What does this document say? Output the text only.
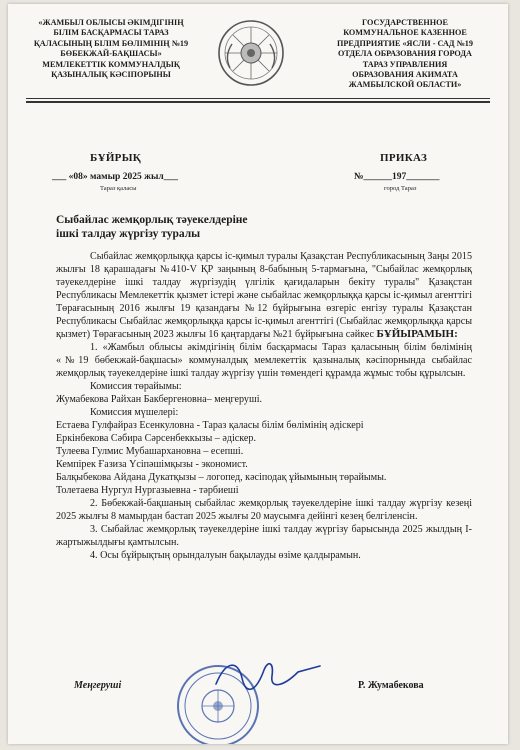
«ЖАМБЫЛ ОБЛЫСЫ ӘКІМДІГІНІҢ
БІЛІМ БАСҚАРМАСЫ ТАРАЗ
ҚАЛАСЫНЫҢ БІЛІМ БӨЛІМІНІҢ №19
БӨБЕКЖАЙ-БАҚШАСЫ»
МЕМЛЕКЕТТІК КОММУНАЛДЫҚ
ҚАЗЫНАЛЫҚ КӘСІПОРЫНЫ
ГОСУДАРСТВЕННОЕ
КОММУНАЛЬНОЕ КАЗЕННОЕ
ПРЕДПРИЯТИЕ «ЯСЛИ - САД №19
ОТДЕЛА ОБРАЗОВАНИЯ ГОРОДА
ТАРАЗ УПРАВЛЕНИЯ
ОБРАЗОВАНИЯ АКИМАТА
ЖАМБЫЛСКОЙ ОБЛАСТИ»
БҰЙРЫҚ	ПРИКАЗ
___ «08» мамыр 2025 жыл___	№______197_______
Тараз қаласы	город Тараз
Сыбайлас жемқорлық тәуекелдеріне
ішкі талдау жүргізу туралы

Сыбайлас жемқорлыққа қарсы іс-қимыл туралы Қазақстан Республикасының Заңы 2015 жылғы 18 қарашадағы №410-V ҚР заңының 8-бабының 5-тармағына, "Сыбайлас жемқорлық тәуекелдеріне ішкі талдау жүргізудің үлгілік қағидаларын бекіту туралы" Қазақстан Республикасы Мемлекеттік қызмет істері және сыбайлас жемқорлыққа қарсы іс-қимыл агенттігі Төрағасының 2016 жылғы 19 қазандағы №12 бұйрығына өзгеріс енгізу туралы Қазақстан Республикасы Сыбайлас жемқорлыққа қарсы іс-қимыл агенттігі (Сыбайлас жемқорлыққа қарсы қызмет) Төрағасының 2023 жылғы 16 қаңтардағы №21 бұйрығына сәйкес БҰЙЫРАМЫН:

1. «Жамбыл облысы әкімдігінің білім басқармасы Тараз қаласының білім бөлімінің «№19 бөбекжай-бақшасы» коммуналдық мемлекеттік қазыналық кәсіпорнында сыбайлас жемқорлық тәуекелдеріне ішкі талдау жүргізу үшін төмендегі құрамда жұмыс тобы құрылсын.

Комиссия төрайымы:

Жумабекова Райхан Бакбергеновна– меңгеруші.

Комиссия мүшелері:

Естаева Гулфайраз Есенкуловна - Тараз қаласы білім бөлімінің әдіскері

Еркінбекова Сәбира Сәрсенбеккызы – әдіскер.

Тулеева Гулмис Мубашархановна – есепші.

Кемпірек Ғазиза Үсіпәшімқызы - экономист.

Балқыбекова Айдана Дукатқызы – логопед, кәсіподақ ұйымының төрайымы.

Толетаева Нургул Нургазыевна - тәрбиеші

2. Бөбекжай-бақшаның сыбайлас жемқорлық тәуекелдеріне ішкі талдау жүргізу кезеңі 2025 жылғы 8 мамырдан бастап 2025 жылғы 20 маусымға дейінгі кезең белгіленсін.

3. Сыбайлас жемқорлық тәуекелдеріне ішкі талдау жүргізу барысында 2025 жылдың I-жартыжылдығы қамтылсын.

4. Осы бұйрықтың орындалуын бақылауды өзіме қалдырамын.

Меңгеруші	Р. Жумабекова
